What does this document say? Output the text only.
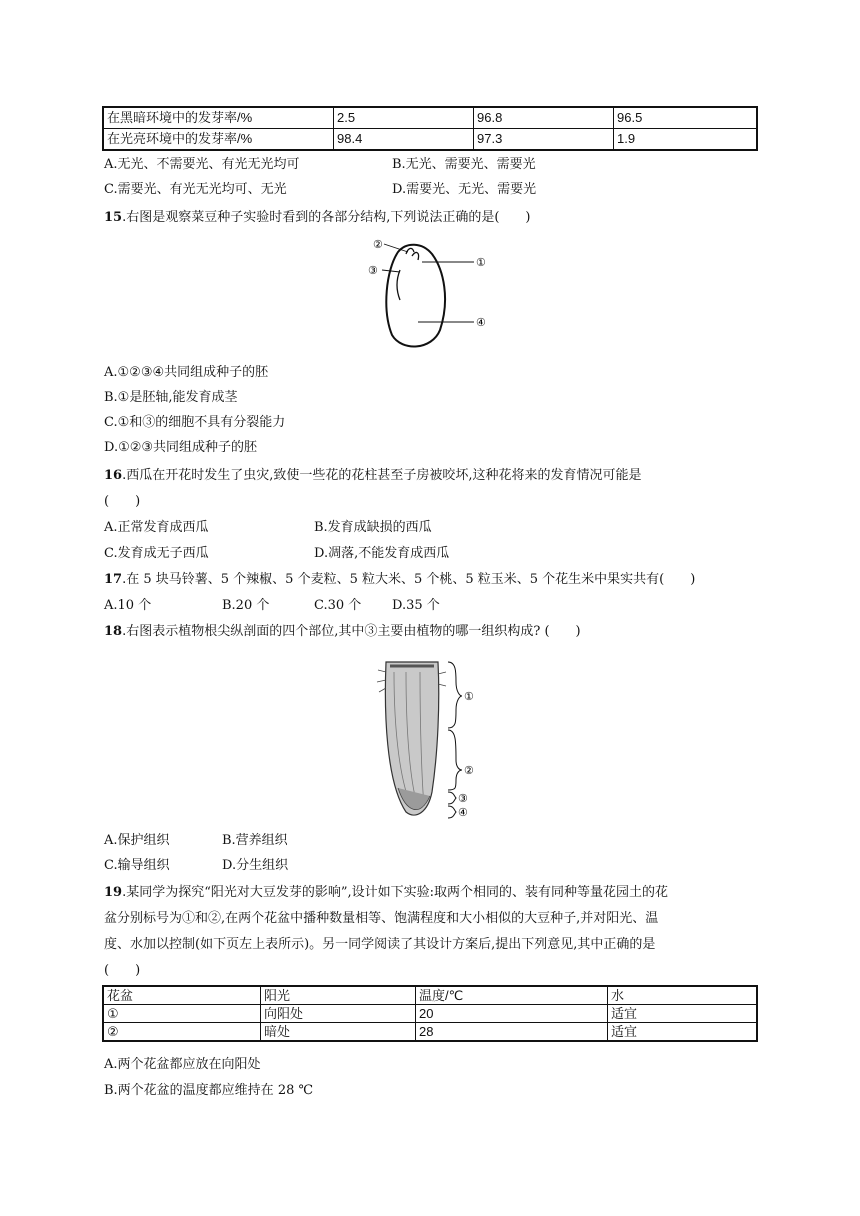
在黑暗环境中的发芽率/%	2.5	96.8	96.5
在光亮环境中的发芽率/%	98.4	97.3	1.9
A.无光、不需要光、有光无光均可	B.无光、需要光、需要光
C.需要光、有光无光均可、无光	D.需要光、无光、需要光
15.右图是观察菜豆种子实验时看到的各部分结构,下列说法正确的是(　　)
②
③
①
④
A.①②③④共同组成种子的胚
B.①是胚轴,能发育成茎
C.①和③的细胞不具有分裂能力
D.①②③共同组成种子的胚
16.西瓜在开花时发生了虫灾,致使一些花的花柱甚至子房被咬坏,这种花将来的发育情况可能是
(　　)
A.正常发育成西瓜	B.发育成缺损的西瓜
C.发育成无子西瓜	D.凋落,不能发育成西瓜
17.在 5 块马铃薯、5 个辣椒、5 个麦粒、5 粒大米、5 个桃、5 粒玉米、5 个花生米中果实共有(　　)
A.10 个	B.20 个	C.30 个 D.35 个
18.右图表示植物根尖纵剖面的四个部位,其中③主要由植物的哪一组织构成? (　　)
①
②
③
④
A.保护组织	B.营养组织
C.输导组织	D.分生组织
19.某同学为探究“阳光对大豆发芽的影响”,设计如下实验:取两个相同的、装有同种等量花园土的花
盆分别标号为①和②,在两个花盆中播种数量相等、饱满程度和大小相似的大豆种子,并对阳光、温
度、水加以控制(如下页左上表所示)。另一同学阅读了其设计方案后,提出下列意见,其中正确的是
(　　)
花盆	阳光	温度/℃	水
①	向阳处	20	适宜
②	暗处	28	适宜
A.两个花盆都应放在向阳处
B.两个花盆的温度都应维持在 28 ℃
